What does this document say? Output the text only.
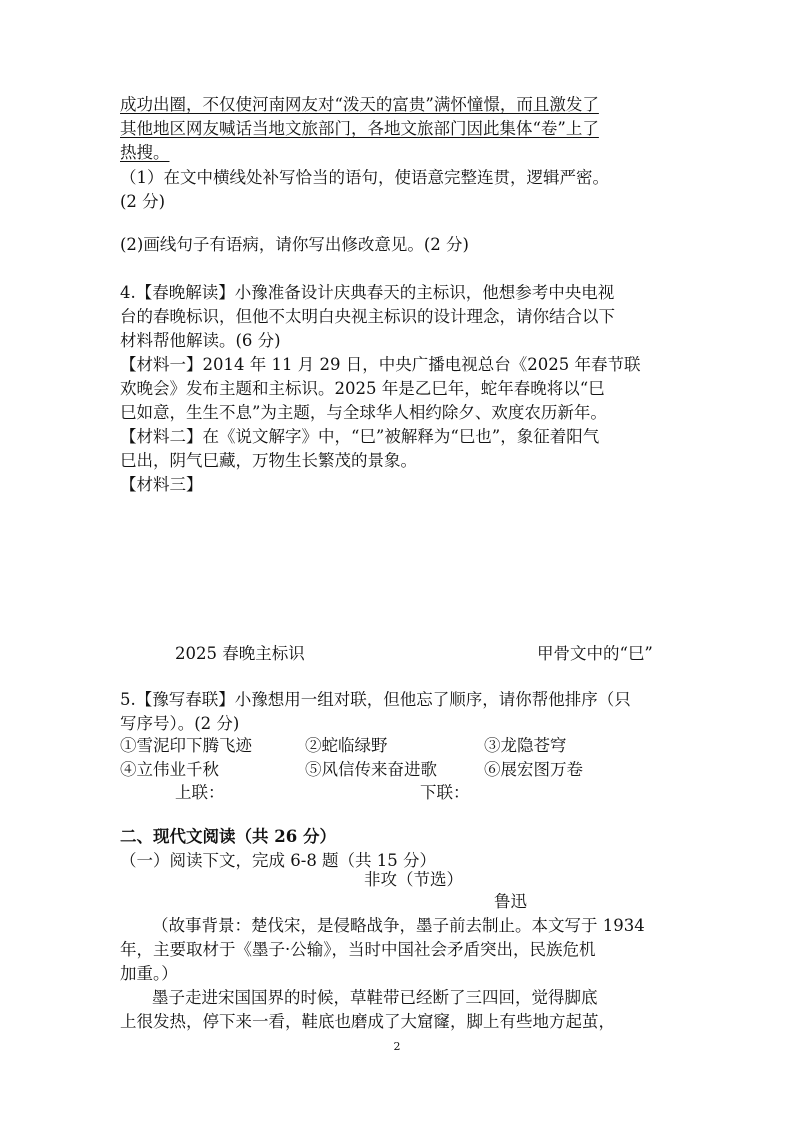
成功出圈，不仅使河南网友对“泼天的富贵”满怀憧憬，而且激发了
其他地区网友喊话当地文旅部门，各地文旅部门因此集体“卷”上了
热搜。
（1）在文中横线处补写恰当的语句，使语意完整连贯，逻辑严密。
(2 分)
(2)画线句子有语病，请你写出修改意见。(2 分)
4.【春晚解读】小豫准备设计庆典春天的主标识，他想参考中央电视
台的春晚标识，但他不太明白央视主标识的设计理念，请你结合以下
材料帮他解读。(6 分)
【材料一】2014 年 11 月 29 日，中央广播电视总台《2025 年春节联
欢晚会》发布主题和主标识。2025 年是乙巳年，蛇年春晚将以“巳
巳如意，生生不息”为主题，与全球华人相约除夕、欢度农历新年。
【材料二】在《说文解字》中，“巳”被解释为“巳也”，象征着阳气
巳出，阴气巳藏，万物生长繁茂的景象。
【材料三】
2025 春晚主标识	甲骨文中的“巳”
5.【豫写春联】小豫想用一组对联，但他忘了顺序，请你帮他排序（只
写序号）。(2 分)
①雪泥印下腾飞迹	②蛇临绿野	③龙隐苍穹
④立伟业千秋	⑤风信传来奋进歌	⑥展宏图万卷
上联：	下联：
二、现代文阅读（共 26 分）
（一）阅读下文，完成 6-8 题（共 15 分）
非攻（节选）
鲁迅
（故事背景：楚伐宋，是侵略战争，墨子前去制止。本文写于 1934
年，主要取材于《墨子·公输》，当时中国社会矛盾突出，民族危机
加重。）
墨子走进宋国国界的时候，草鞋带已经断了三四回，觉得脚底
上很发热，停下来一看，鞋底也磨成了大窟窿，脚上有些地方起茧，
2
